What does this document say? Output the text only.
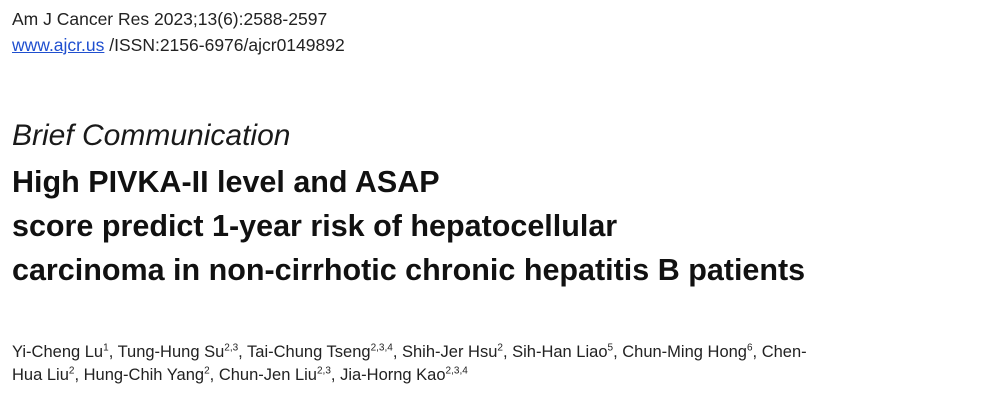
Am J Cancer Res 2023;13(6):2588-2597
www.ajcr.us /ISSN:2156-6976/ajcr0149892
Brief Communication
High PIVKA-II level and ASAP
score predict 1-year risk of hepatocellular
carcinoma in non-cirrhotic chronic hepatitis B patients
Yi-Cheng Lu$^1$, Tung-Hung Su$^{2,3}$, Tai-Chung Tseng$^{2,3,4}$, Shih-Jer Hsu$^2$, Sih-Han Liao$^5$, Chun-Ming Hong$^6$, Chen-
Hua Liu$^2$, Hung-Chih Yang$^2$, Chun-Jen Liu$^{2,3}$, Jia-Horng Kao$^{2,3,4}$
